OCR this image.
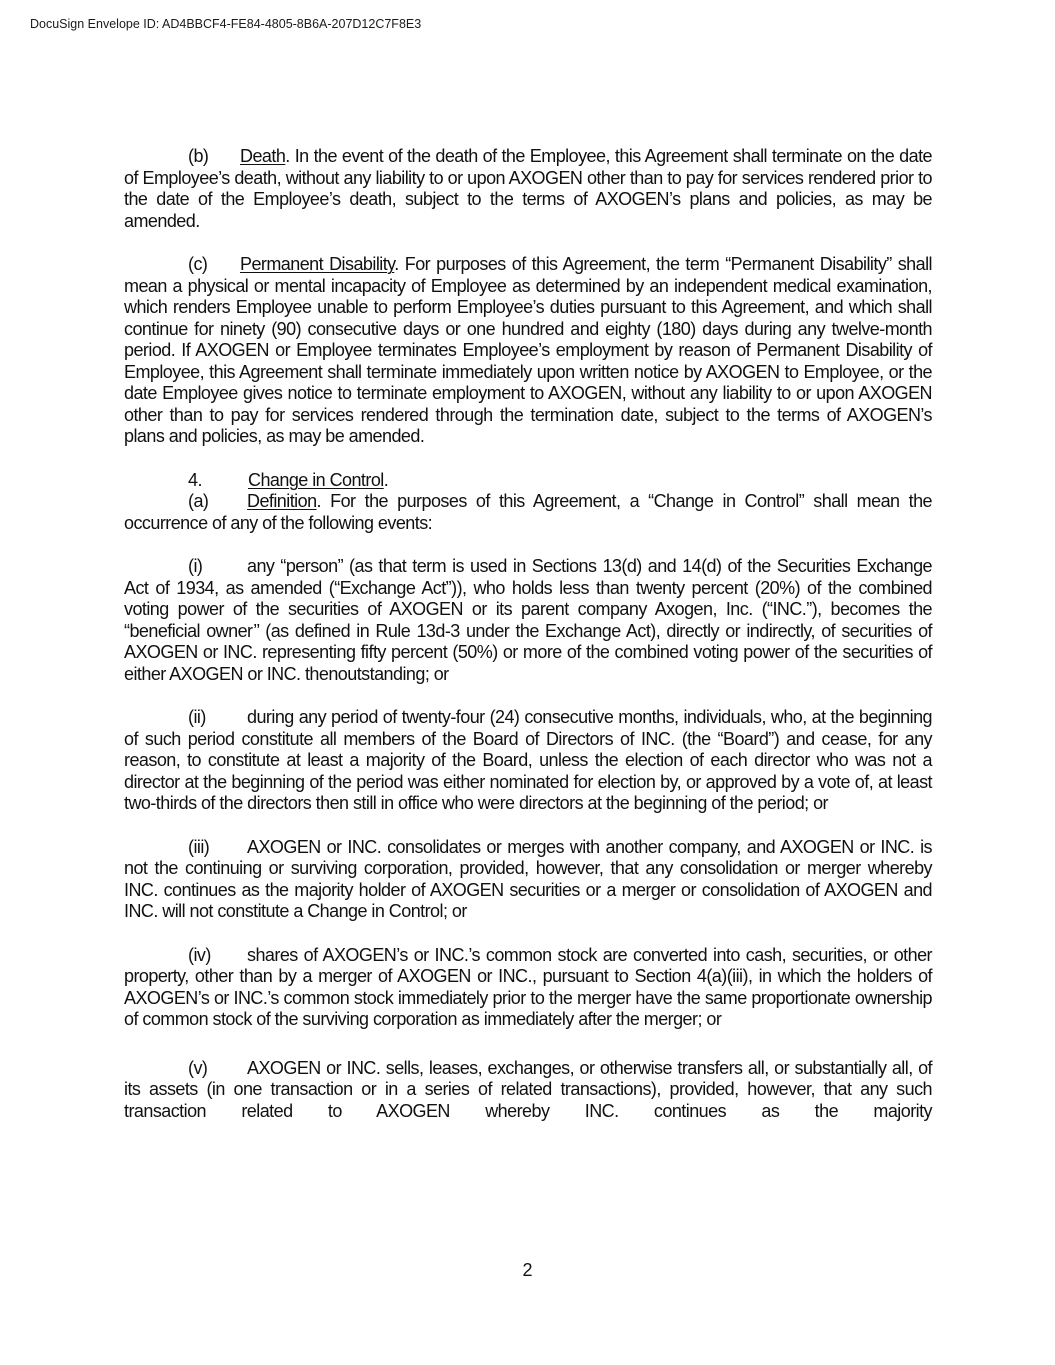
DocuSign Envelope ID: AD4BBCF4-FE84-4805-8B6A-207D12C7F8E3

(b) Death. In the event of the death of the Employee, this Agreement shall terminate on the date of Employee’s death, without any liability to or upon AXOGEN other than to pay for services rendered prior to the date of the Employee’s death, subject to the terms of AXOGEN’s plans and policies, as may be amended.

(c) Permanent Disability. For purposes of this Agreement, the term “Permanent Disability” shall mean a physical or mental incapacity of Employee as determined by an independent medical examination, which renders Employee unable to perform Employee’s duties pursuant to this Agreement, and which shall continue for ninety (90) consecutive days or one hundred and eighty (180) days during any twelve-month period. If AXOGEN or Employee terminates Employee’s employment by reason of Permanent Disability of Employee, this Agreement shall terminate immediately upon written notice by AXOGEN to Employee, or the date Employee gives notice to terminate employment to AXOGEN, without any liability to or upon AXOGEN other than to pay for services rendered through the termination date, subject to the terms of AXOGEN’s plans and policies, as may be amended.

4.	Change in Control.

(a) Definition. For the purposes of this Agreement, a “Change in Control” shall mean the occurrence of any of the following events:

(i) any “person” (as that term is used in Sections 13(d) and 14(d) of the Securities Exchange Act of 1934, as amended (“Exchange Act”)), who holds less than twenty percent (20%) of the combined voting power of the securities of AXOGEN or its parent company Axogen, Inc. (“INC.”), becomes the “beneficial owner’’ (as defined in Rule 13d-3 under the Exchange Act), directly or indirectly, of securities of AXOGEN or INC. representing fifty percent (50%) or more of the combined voting power of the securities of either AXOGEN or INC. thenoutstanding; or

(ii) during any period of twenty-four (24) consecutive months, individuals, who, at the beginning of such period constitute all members of the Board of Directors of INC. (the “Board”) and cease, for any reason, to constitute at least a majority of the Board, unless the election of each director who was not a director at the beginning of the period was either nominated for election by, or approved by a vote of, at least two-thirds of the directors then still in office who were directors at the beginning of the period; or

(iii) AXOGEN or INC. consolidates or merges with another company, and AXOGEN or INC. is not the continuing or surviving corporation, provided, however, that any consolidation or merger whereby INC. continues as the majority holder of AXOGEN securities or a merger or consolidation of AXOGEN and INC. will not constitute a Change in Control; or

(iv) shares of AXOGEN’s or INC.’s common stock are converted into cash, securities, or other property, other than by a merger of AXOGEN or INC., pursuant to Section 4(a)(iii), in which the holders of AXOGEN’s or INC.’s common stock immediately prior to the merger have the same proportionate ownership of common stock of the surviving corporation as immediately after the merger; or

(v) AXOGEN or INC. sells, leases, exchanges, or otherwise transfers all, or substantially all, of its assets (in one transaction or in a series of related transactions), provided, however, that any such transaction related to AXOGEN whereby INC. continues as the majority

2
